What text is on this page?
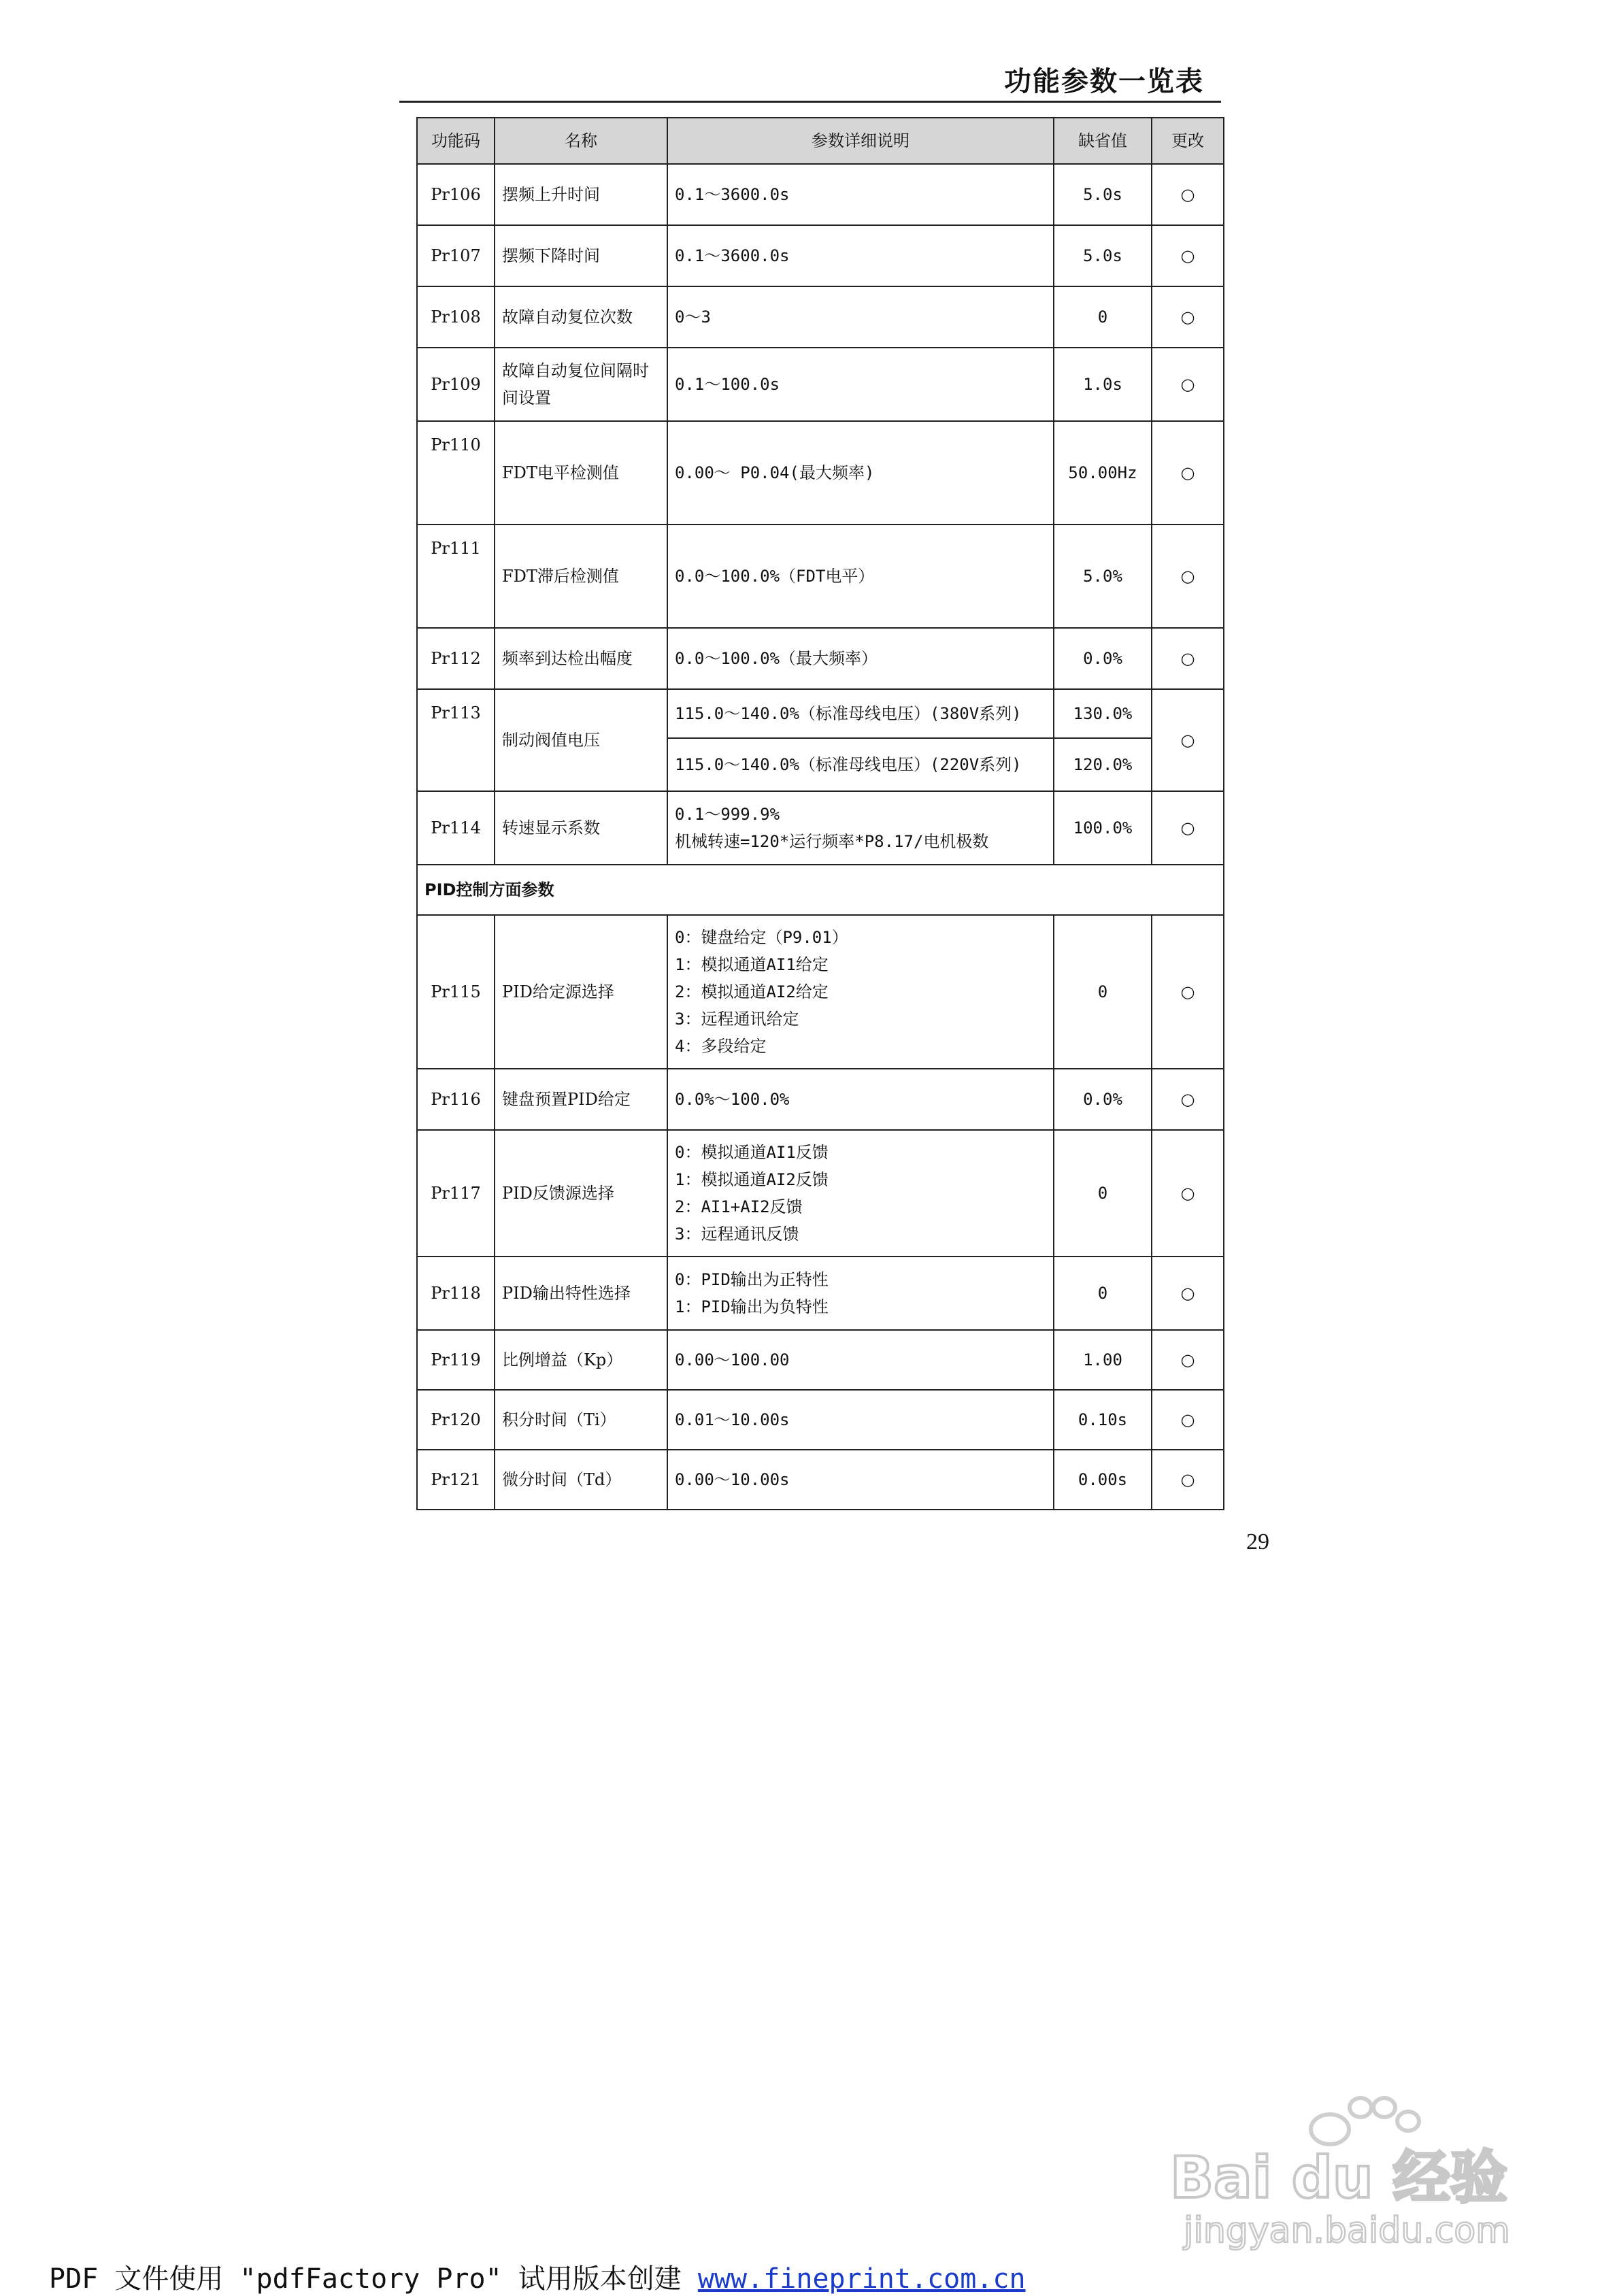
功能参数一览表
功能码	名称	参数详细说明	缺省值	更改
Pr106	摆频上升时间	0.1～3600.0s	5.0s	○
Pr107	摆频下降时间	0.1～3600.0s	5.0s	○
Pr108	故障自动复位次数	0～3	0	○
Pr109	故障自动复位间隔时间设置	0.1～100.0s	1.0s	○
Pr110	FDT电平检测值	0.00～ P0.04(最大频率)	50.00Hz	○
Pr111	FDT滞后检测值	0.0～100.0%（FDT电平）	5.0%	○
Pr112	频率到达检出幅度	0.0～100.0%（最大频率）	0.0%	○
Pr113	制动阀值电压	115.0～140.0%（标准母线电压）(380V系列)	130.0%	○
		115.0～140.0%（标准母线电压）(220V系列)	120.0%	
Pr114	转速显示系数	0.1～999.9%
机械转速=120*运行频率*P8.17/电机极数	100.0%	○
PID控制方面参数				
Pr115	PID给定源选择	0：键盘给定（P9.01）
1：模拟通道AI1给定
2：模拟通道AI2给定
3：远程通讯给定
4：多段给定	0	○
Pr116	键盘预置PID给定	0.0%～100.0%	0.0%	○
Pr117	PID反馈源选择	0：模拟通道AI1反馈
1：模拟通道AI2反馈
2：AI1+AI2反馈
3：远程通讯反馈	0	○
Pr118	PID输出特性选择	0：PID输出为正特性
1：PID输出为负特性	0	○
Pr119	比例增益（Kp）	0.00～100.00	1.00	○
Pr120	积分时间（Ti）	0.01～10.00s	0.10s	○
Pr121	微分时间（Td）	0.00～10.00s	0.00s	○
29
Bai du 经验
jingyan.baidu.com
PDF 文件使用 "pdfFactory Pro" 试用版本创建 www.fineprint.com.cn
